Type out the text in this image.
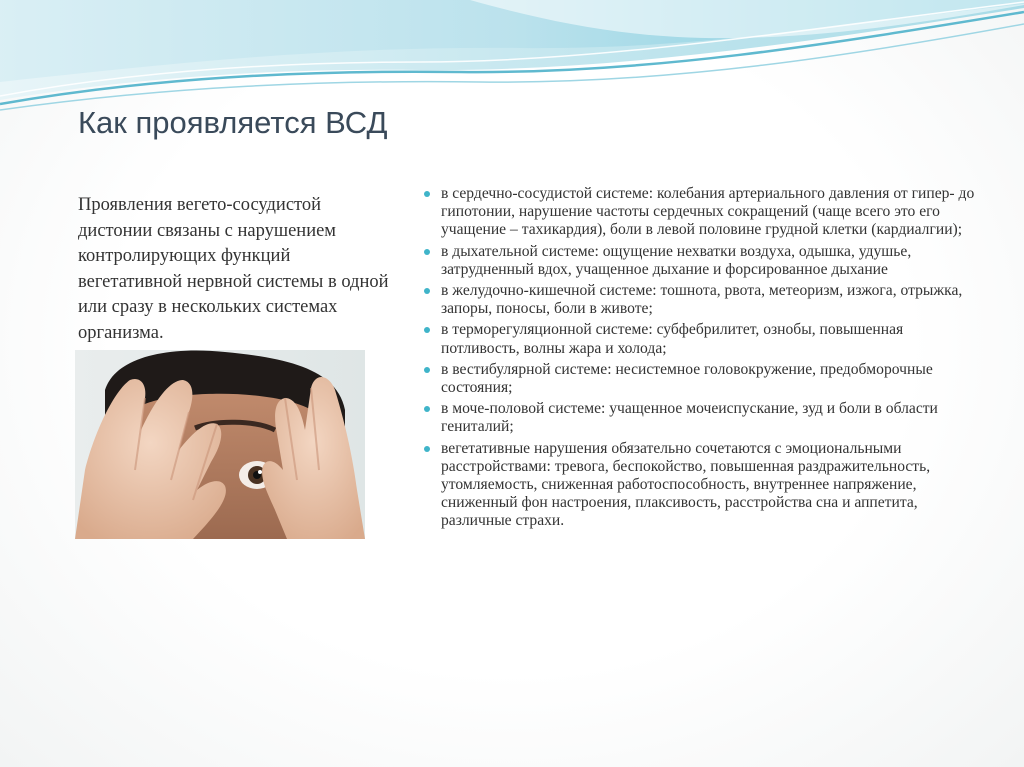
Как проявляется ВСД

Проявления вегето-сосудистой дистонии связаны с нарушением контролирующих функций вегетативной нервной системы в одной или сразу в нескольких системах организма.

в сердечно-сосудистой системе: колебания артериального давления от гипер- до гипотонии, нарушение частоты сердечных сокращений (чаще всего это его учащение – тахикардия), боли в левой половине грудной клетки (кардиалгии);
в дыхательной системе: ощущение нехватки воздуха, одышка, удушье, затрудненный вдох, учащенное дыхание и форсированное дыхание
в желудочно-кишечной системе: тошнота, рвота, метеоризм, изжога, отрыжка, запоры, поносы, боли в животе;
в терморегуляционной системе: субфебрилитет, ознобы, повышенная потливость, волны жара и холода;
в вестибулярной системе: несистемное головокружение, предобморочные состояния;
в моче-половой системе: учащенное мочеиспускание, зуд и боли в области гениталий;
вегетативные нарушения обязательно сочетаются с эмоциональными расстройствами: тревога, беспокойство, повышенная раздражительность, утомляемость, сниженная работоспособность, внутреннее напряжение, сниженный фон настроения, плаксивость, расстройства сна и аппетита, различные страхи.
